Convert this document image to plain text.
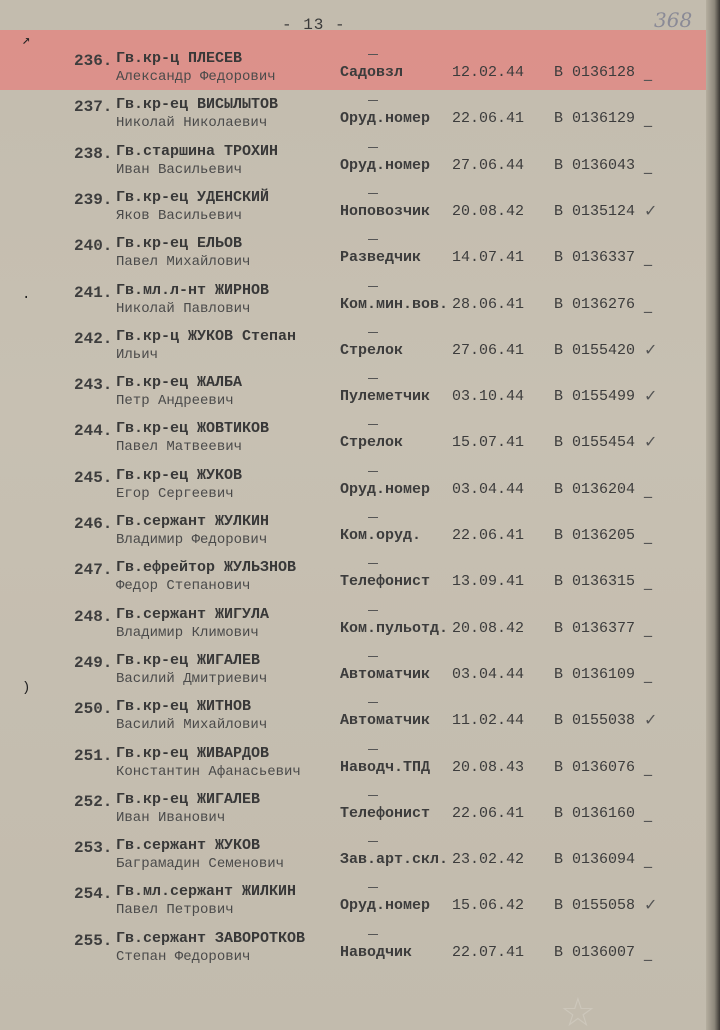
- 13 -	368
↗
·
)
236. Гв.кр-ц ПЛЕСЕВ
Александр Федорович	Садовзл	12.02.44 В 0136128 _
237. Гв.кр-ец ВИСЫЛЫТОВ
Николай Николаевич	Оруд.номер 22.06.41 В 0136129 _
238. Гв.старшина ТРОХИН
Иван Васильевич	Оруд.номер 27.06.44 В 0136043 _
239. Гв.кр-ец УДЕНСКИЙ
Яков Васильевич	Ноповозчик 20.08.42 В 0135124 ✓
240. Гв.кр-ец ЕЛЬОВ
Павел Михайлович	Разведчик 14.07.41 В 0136337 _
241. Гв.мл.л-нт ЖИРНОВ
Николай Павлович	Ком.мин.вов. 28.06.41 В 0136276 _
242. Гв.кр-ц ЖУКОВ Степан
Ильич	Стрелок	27.06.41 В 0155420 ✓
243. Гв.кр-ец ЖАЛБА
Петр Андреевич	Пулеметчик 03.10.44 В 0155499 ✓
244. Гв.кр-ец ЖОВТИКОВ
Павел Матвеевич	Стрелок	15.07.41 В 0155454 ✓
245. Гв.кр-ец ЖУКОВ
Егор Сергеевич	Оруд.номер 03.04.44 В 0136204 _
246. Гв.сержант ЖУЛКИН
Владимир Федорович	Ком.оруд. 22.06.41 В 0136205 _
247. Гв.ефрейтор ЖУЛЬЗНОВ
Федор Степанович	Телефонист 13.09.41 В 0136315 _
248. Гв.сержант ЖИГУЛА
Владимир Климович	Ком.пульотд. 20.08.42 В 0136377 _
249. Гв.кр-ец ЖИГАЛЕВ
Василий Дмитриевич	Автоматчик 03.04.44 В 0136109 _
250. Гв.кр-ец ЖИТНОВ
Василий Михайлович	Автоматчик 11.02.44 В 0155038 ✓
251. Гв.кр-ец ЖИВАРДОВ
Константин Афанасьевич	Наводч.ТПД 20.08.43 В 0136076 _
252. Гв.кр-ец ЖИГАЛЕВ
Иван Иванович	Телефонист 22.06.41 В 0136160 _
253. Гв.сержант ЖУКОВ
Баграмадин Семенович	Зав.арт.скл. 23.02.42 В 0136094 _
254. Гв.мл.сержант ЖИЛКИН
Павел Петрович	Оруд.номер 15.06.42 В 0155058 ✓
255. Гв.сержант ЗАВОРОТКОВ
Степан Федорович	Наводчик	22.07.41 В 0136007 _
☆
